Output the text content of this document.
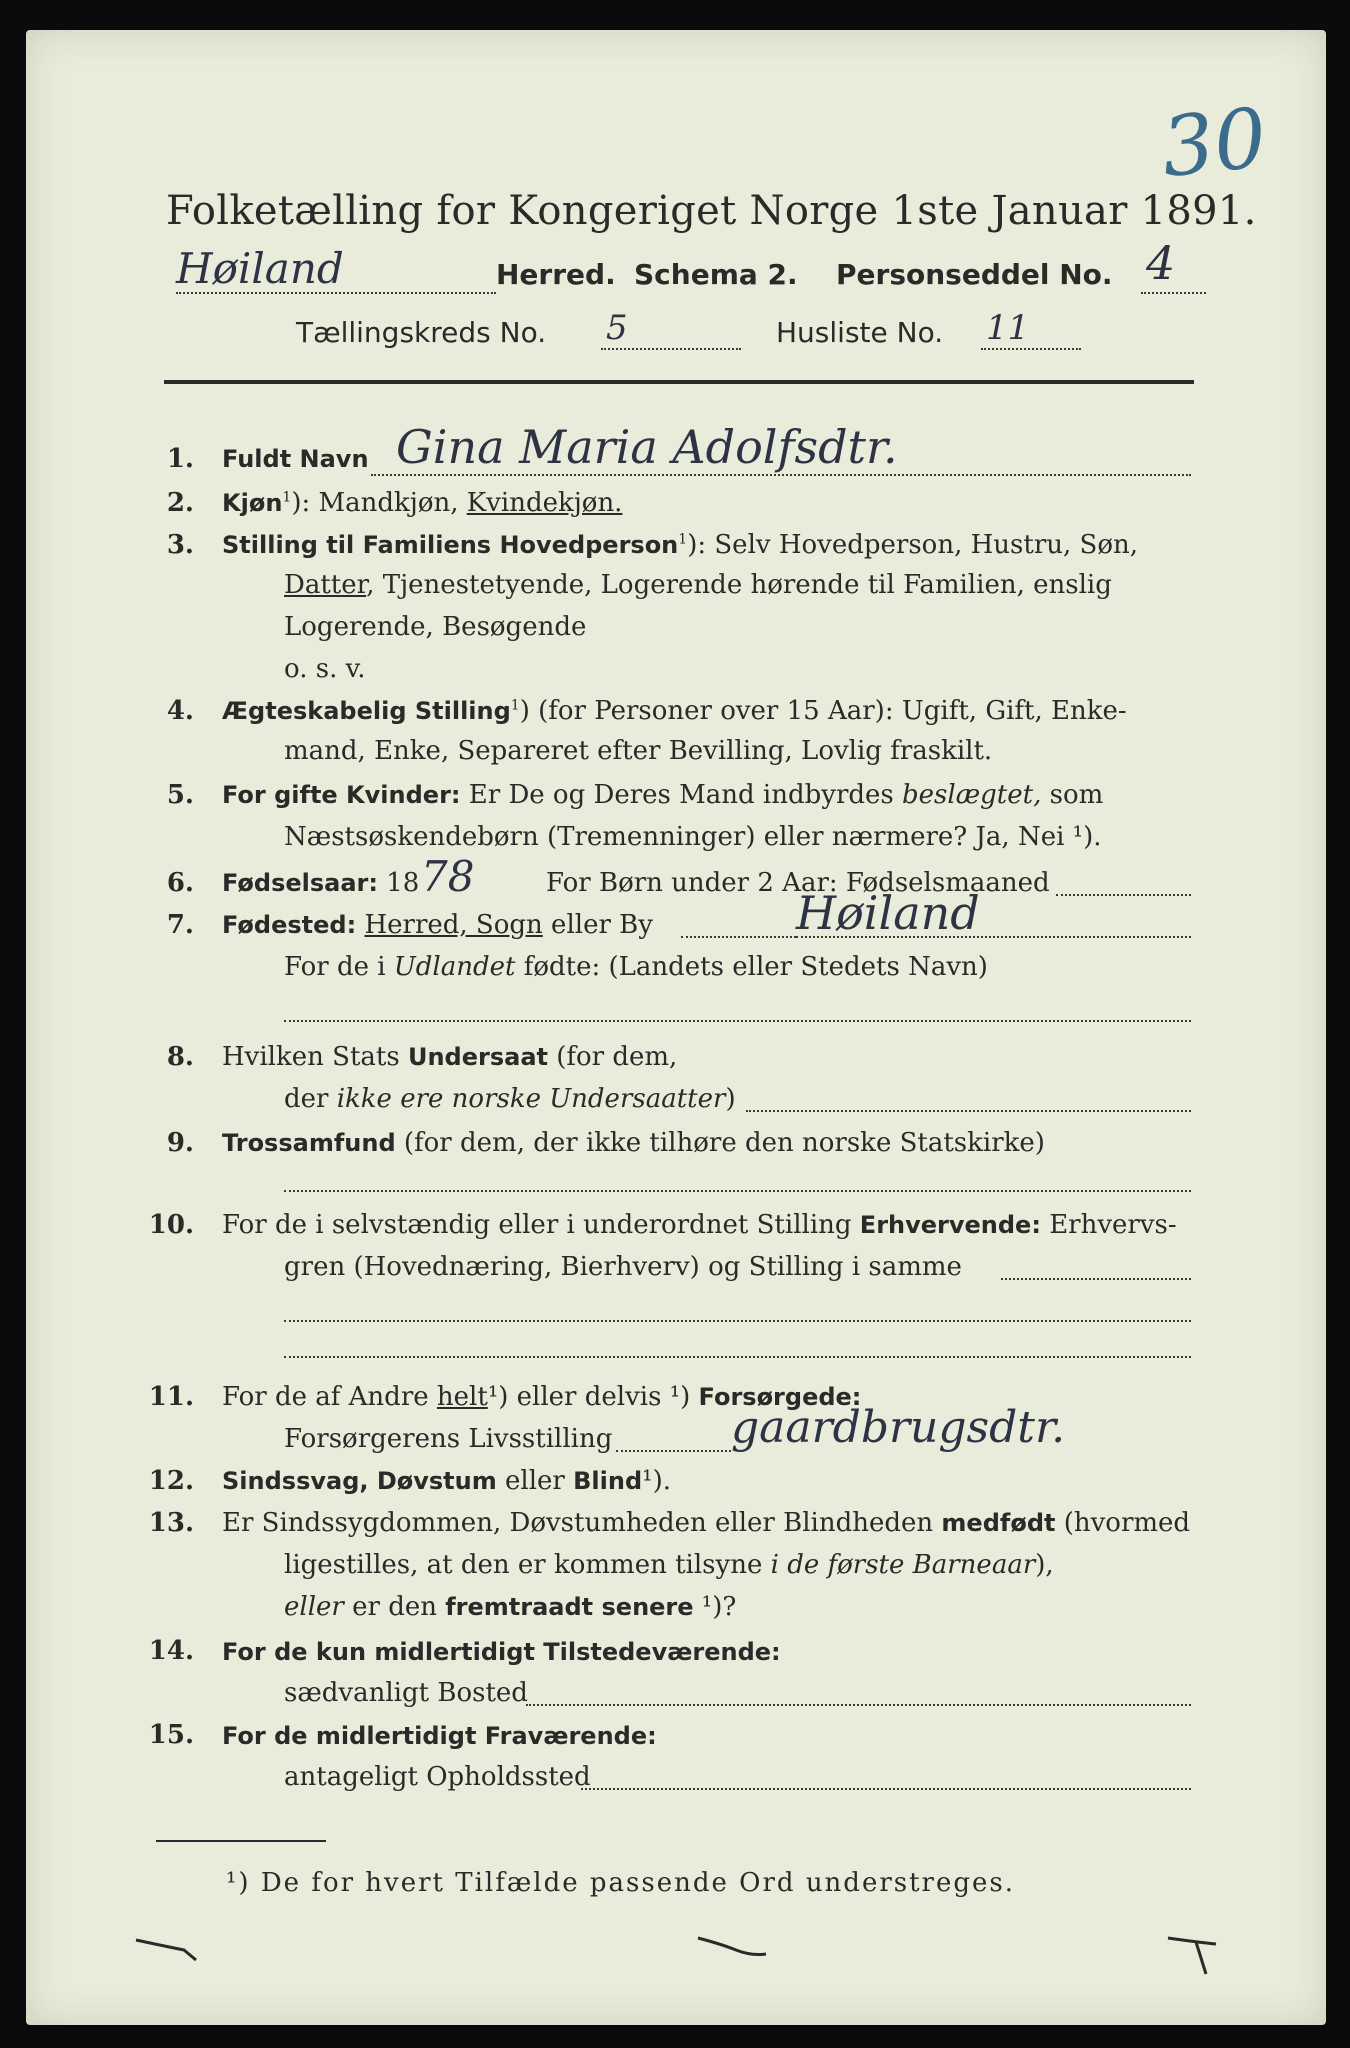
30
Folketælling for Kongeriget Norge 1ste Januar 1891.
Høiland	Herred. Schema 2. Personseddel No. 4
Tællingskreds No. 5	Husliste No. 11
1. Fuldt Navn Gina Maria Adolfsdtr.
2. Kjøn$^1$): Mandkjøn, Kvindekjøn.
3. Stilling til Familiens Hovedperson$^1$): Selv Hovedperson, Hustru, Søn,
Datter, Tjenestetyende, Logerende hørende til Familien, enslig
Logerende, Besøgende
o. s. v.
4. Ægteskabelig Stilling$^1$) (for Personer over 15 Aar): Ugift, Gift, Enke-
mand, Enke, Separeret efter Bevilling, Lovlig fraskilt.
5. For gifte Kvinder: Er De og Deres Mand indbyrdes beslægtet, som
Næstsøskendebørn (Tremenninger) eller nærmere? Ja, Nei ¹).
6. Fødselsaar: 18 78	For Børn under 2 Aar: Fødselsmaaned
7. Fødested: Herred, Sogn eller By	Høiland
For de i Udlandet fødte: (Landets eller Stedets Navn)
8. Hvilken Stats Undersaat (for dem,
der ikke ere norske Undersaatter)
9. Trossamfund (for dem, der ikke tilhøre den norske Statskirke)
10. For de i selvstændig eller i underordnet Stilling Erhvervende: Erhvervs-
gren (Hovednæring, Bierhverv) og Stilling i samme
11. For de af Andre helt¹) eller delvis ¹) Forsørgede:
Forsørgerens Livsstilling	gaardbrugsdtr.
12. Sindssvag, Døvstum eller Blind¹).
13. Er Sindssygdommen, Døvstumheden eller Blindheden medfødt (hvormed
ligestilles, at den er kommen tilsyne i de første Barneaar),
eller er den fremtraadt senere ¹)?
14. For de kun midlertidigt Tilstedeværende:
sædvanligt Bosted
15. For de midlertidigt Fraværende:
antageligt Opholdssted
¹) De for hvert Tilfælde passende Ord understreges.
